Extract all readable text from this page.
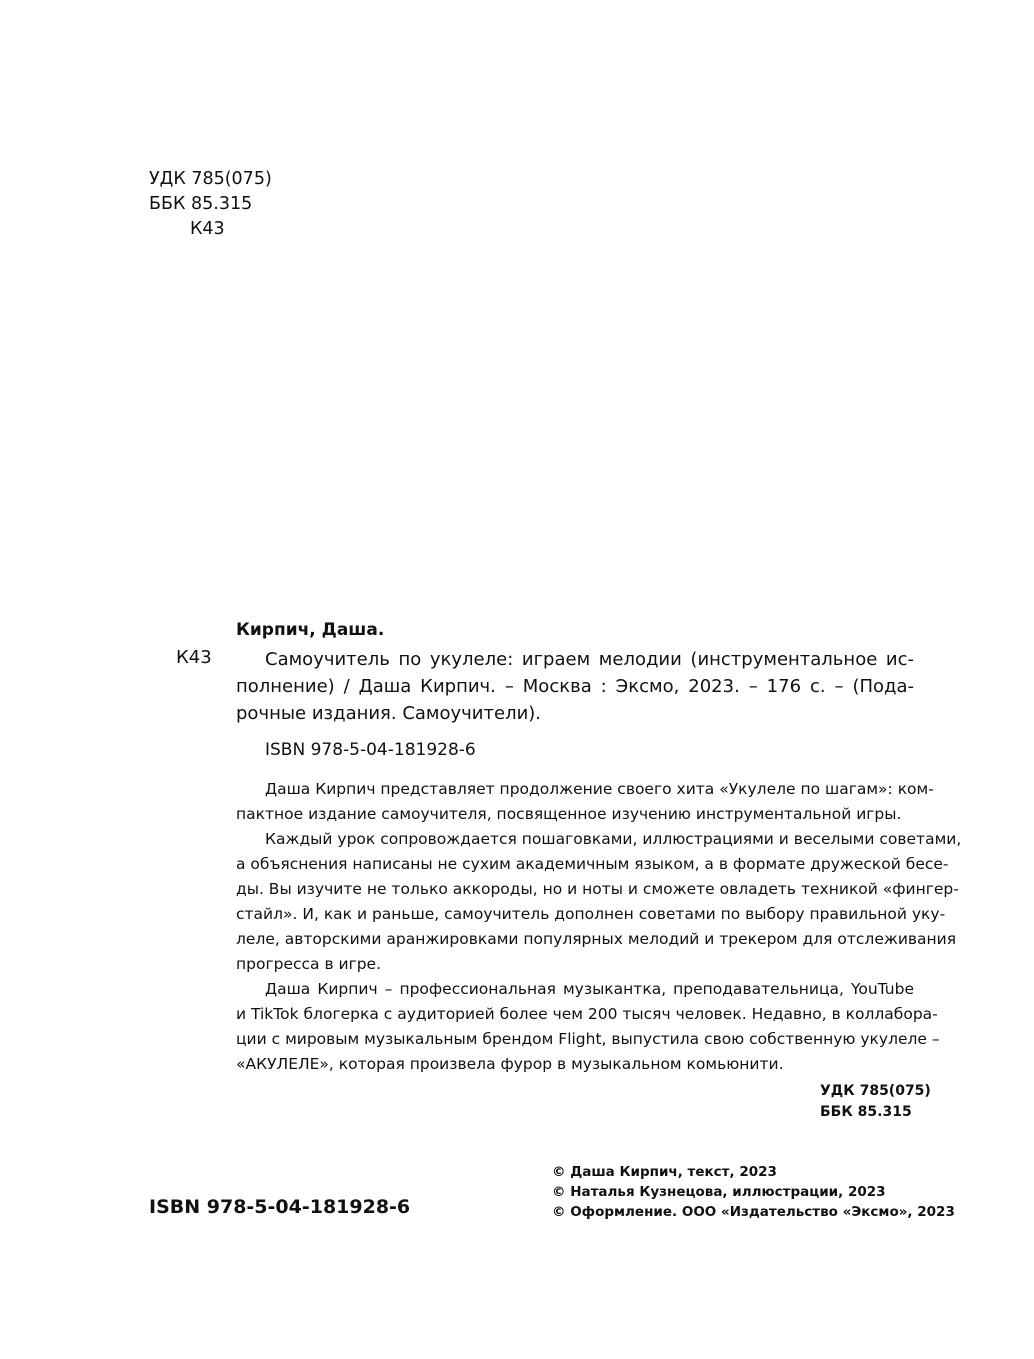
УДК 785(075)
ББК 85.315
К43
Кирпич, Даша.
К43	Самоучитель по укулеле: играем мелодии (инструментальное ис-
полнение) / Даша Кирпич. – Москва : Эксмо, 2023. – 176 с. – (Пода-
рочные издания. Самоучители).
ISBN 978-5-04-181928-6
Даша Кирпич представляет продолжение своего хита «Укулеле по шагам»: ком-
пактное издание самоучителя, посвященное изучению инструментальной игры.
Каждый урок сопровождается пошаговками, иллюстрациями и веселыми советами,
а объяснения написаны не сухим академичным языком, а в формате дружеской бесе-
ды. Вы изучите не только аккороды, но и ноты и сможете овладеть техникой «фингер-
стайл». И, как и раньше, самоучитель дополнен советами по выбору правильной уку-
леле, авторскими аранжировками популярных мелодий и трекером для отслеживания
прогресса в игре.
Даша Кирпич – профессиональная музыкантка, преподавательница, YouTube
и TikTok блогерка с аудиторией более чем 200 тысяч человек. Недавно, в коллабора-
ции с мировым музыкальным брендом Flight, выпустила свою собственную укулеле –
«АКУЛЕЛЕ», которая произвела фурор в музыкальном комьюнити.
УДК 785(075)
ББК 85.315
ISBN 978-5-04-181928-6
© Даша Кирпич, текст, 2023
© Наталья Кузнецова, иллюстрации, 2023
© Оформление. ООО «Издательство «Эксмо», 2023
